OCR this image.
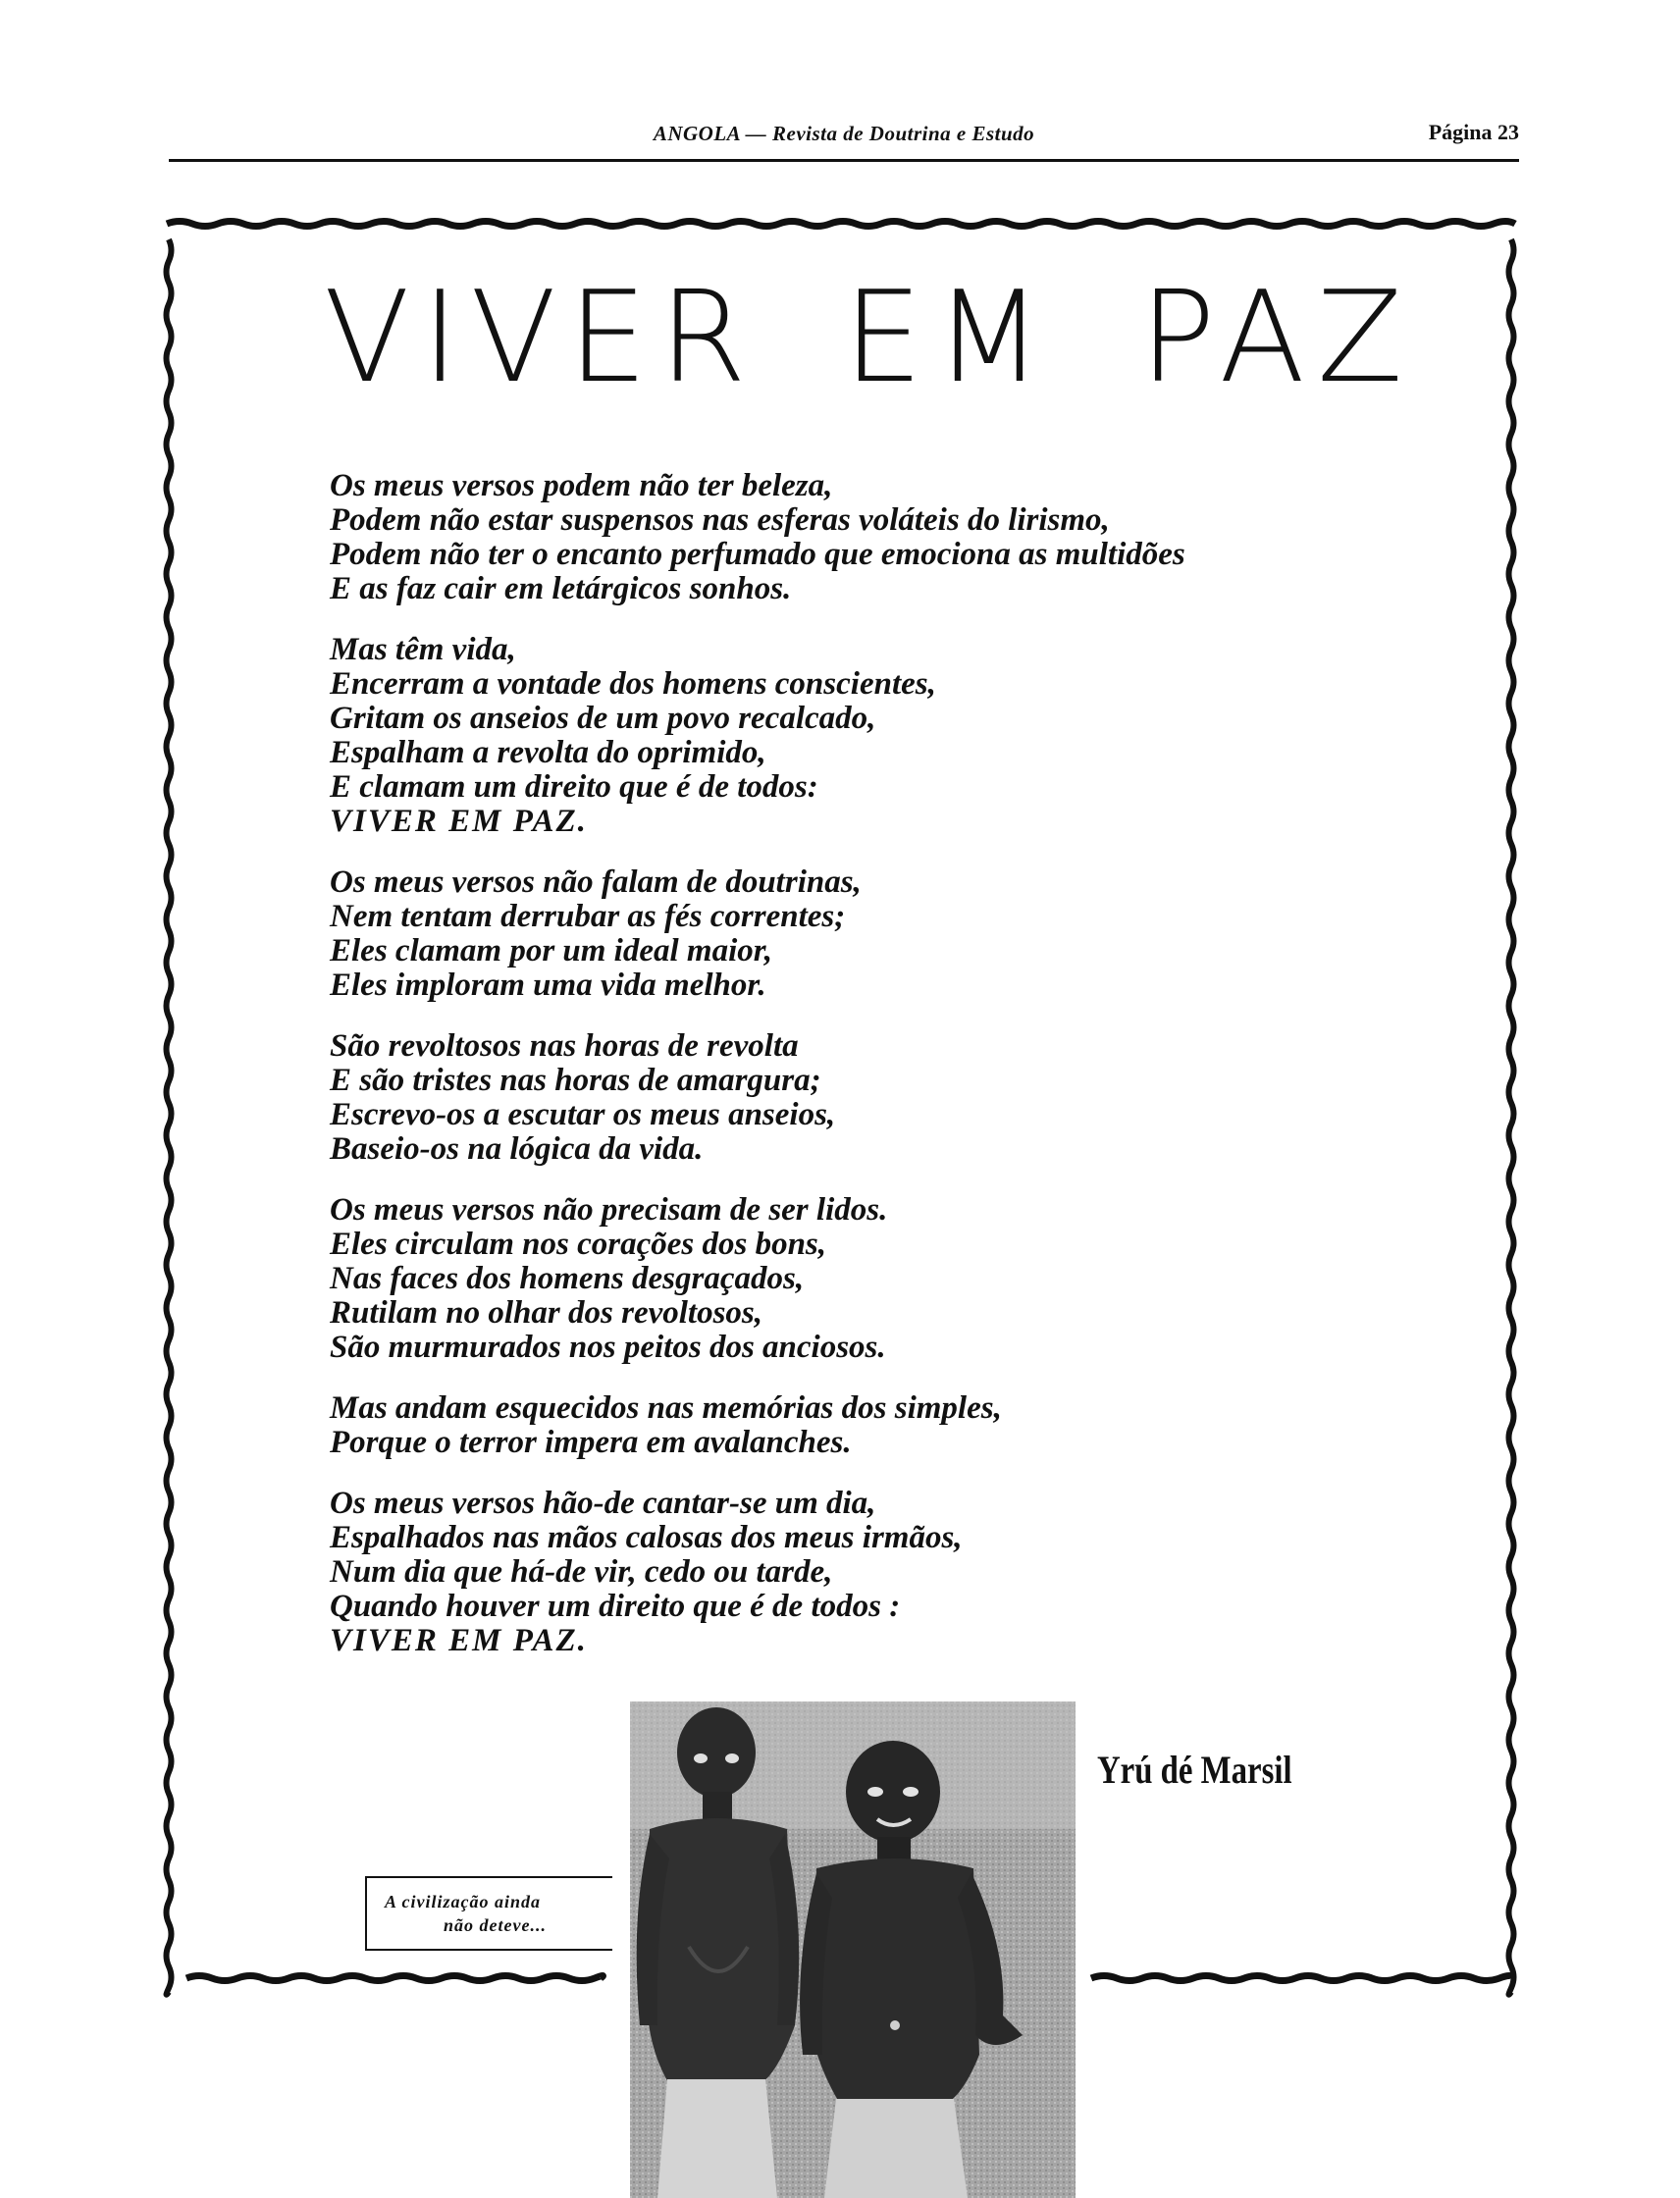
ANGOLA — Revista de Doutrina e Estudo	Página 23
VIVER EM PAZ
Os meus versos podem não ter beleza,
Podem não estar suspensos nas esferas voláteis do lirismo,
Podem não ter o encanto perfumado que emociona as multidões
E as faz cair em letárgicos sonhos.
Mas têm vida,
Encerram a vontade dos homens conscientes,
Gritam os anseios de um povo recalcado,
Espalham a revolta do oprimido,
E clamam um direito que é de todos:
VIVER EM PAZ.
Os meus versos não falam de doutrinas,
Nem tentam derrubar as fés correntes;
Eles clamam por um ideal maior,
Eles imploram uma vida melhor.
São revoltosos nas horas de revolta
E são tristes nas horas de amargura;
Escrevo-os a escutar os meus anseios,
Baseio-os na lógica da vida.
Os meus versos não precisam de ser lidos.
Eles circulam nos corações dos bons,
Nas faces dos homens desgraçados,
Rutilam no olhar dos revoltosos,
São murmurados nos peitos dos anciosos.
Mas andam esquecidos nas memórias dos simples,
Porque o terror impera em avalanches.
Os meus versos hão-de cantar-se um dia,
Espalhados nas mãos calosas dos meus irmãos,
Num dia que há-de vir, cedo ou tarde,
Quando houver um direito que é de todos :
VIVER EM PAZ.
Yrú dé Marsil
A civilização ainda
não deteve...
